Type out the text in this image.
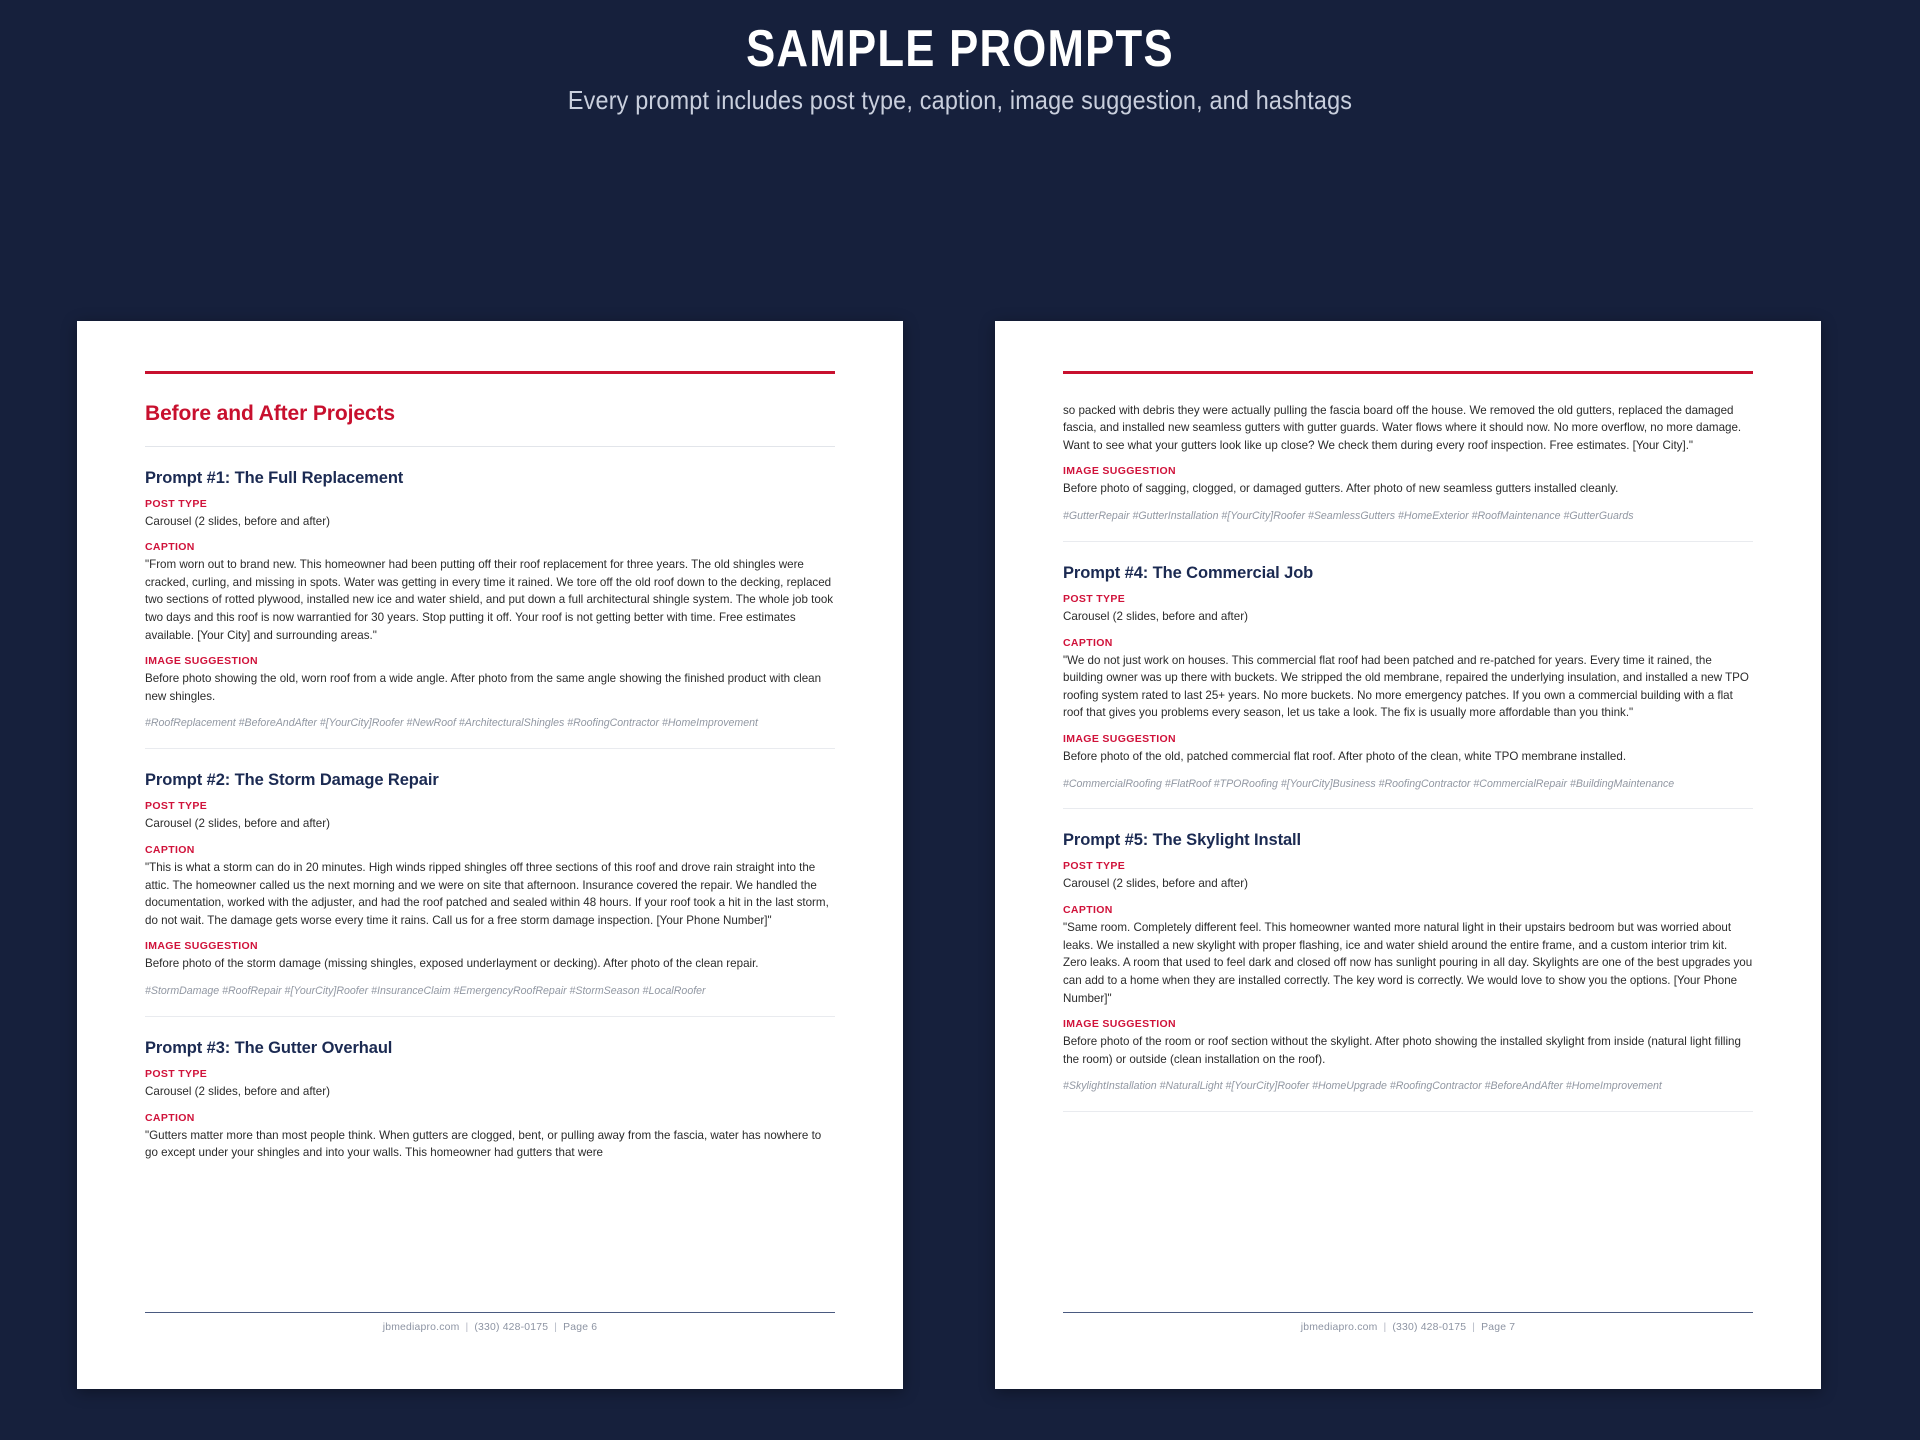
SAMPLE PROMPTS
Every prompt includes post type, caption, image suggestion, and hashtags
Before and After Projects
Prompt #1: The Full Replacement
POST TYPE
Carousel (2 slides, before and after)
CAPTION
"From worn out to brand new. This homeowner had been putting off their roof replacement for three years. The old shingles were cracked, curling, and missing in spots. Water was getting in every time it rained. We tore off the old roof down to the decking, replaced two sections of rotted plywood, installed new ice and water shield, and put down a full architectural shingle system. The whole job took two days and this roof is now warrantied for 30 years. Stop putting it off. Your roof is not getting better with time. Free estimates available. [Your City] and surrounding areas."
IMAGE SUGGESTION
Before photo showing the old, worn roof from a wide angle. After photo from the same angle showing the finished product with clean new shingles.
#RoofReplacement #BeforeAndAfter #[YourCity]Roofer #NewRoof #ArchitecturalShingles #RoofingContractor #HomeImprovement
Prompt #2: The Storm Damage Repair
POST TYPE
Carousel (2 slides, before and after)
CAPTION
"This is what a storm can do in 20 minutes. High winds ripped shingles off three sections of this roof and drove rain straight into the attic. The homeowner called us the next morning and we were on site that afternoon. Insurance covered the repair. We handled the documentation, worked with the adjuster, and had the roof patched and sealed within 48 hours. If your roof took a hit in the last storm, do not wait. The damage gets worse every time it rains. Call us for a free storm damage inspection. [Your Phone Number]"
IMAGE SUGGESTION
Before photo of the storm damage (missing shingles, exposed underlayment or decking). After photo of the clean repair.
#StormDamage #RoofRepair #[YourCity]Roofer #InsuranceClaim #EmergencyRoofRepair #StormSeason #LocalRoofer
Prompt #3: The Gutter Overhaul
POST TYPE
Carousel (2 slides, before and after)
CAPTION
"Gutters matter more than most people think. When gutters are clogged, bent, or pulling away from the fascia, water has nowhere to go except under your shingles and into your walls. This homeowner had gutters that were
jbmediapro.com | (330) 428-0175 | Page 6
so packed with debris they were actually pulling the fascia board off the house. We removed the old gutters, replaced the damaged fascia, and installed new seamless gutters with gutter guards. Water flows where it should now. No more overflow, no more damage. Want to see what your gutters look like up close? We check them during every roof inspection. Free estimates. [Your City]."
IMAGE SUGGESTION
Before photo of sagging, clogged, or damaged gutters. After photo of new seamless gutters installed cleanly.
#GutterRepair #GutterInstallation #[YourCity]Roofer #SeamlessGutters #HomeExterior #RoofMaintenance #GutterGuards
Prompt #4: The Commercial Job
POST TYPE
Carousel (2 slides, before and after)
CAPTION
"We do not just work on houses. This commercial flat roof had been patched and re-patched for years. Every time it rained, the building owner was up there with buckets. We stripped the old membrane, repaired the underlying insulation, and installed a new TPO roofing system rated to last 25+ years. No more buckets. No more emergency patches. If you own a commercial building with a flat roof that gives you problems every season, let us take a look. The fix is usually more affordable than you think."
IMAGE SUGGESTION
Before photo of the old, patched commercial flat roof. After photo of the clean, white TPO membrane installed.
#CommercialRoofing #FlatRoof #TPORoofing #[YourCity]Business #RoofingContractor #CommercialRepair #BuildingMaintenance
Prompt #5: The Skylight Install
POST TYPE
Carousel (2 slides, before and after)
CAPTION
"Same room. Completely different feel. This homeowner wanted more natural light in their upstairs bedroom but was worried about leaks. We installed a new skylight with proper flashing, ice and water shield around the entire frame, and a custom interior trim kit. Zero leaks. A room that used to feel dark and closed off now has sunlight pouring in all day. Skylights are one of the best upgrades you can add to a home when they are installed correctly. The key word is correctly. We would love to show you the options. [Your Phone Number]"
IMAGE SUGGESTION
Before photo of the room or roof section without the skylight. After photo showing the installed skylight from inside (natural light filling the room) or outside (clean installation on the roof).
#SkylightInstallation #NaturalLight #[YourCity]Roofer #HomeUpgrade #RoofingContractor #BeforeAndAfter #HomeImprovement
jbmediapro.com | (330) 428-0175 | Page 7
